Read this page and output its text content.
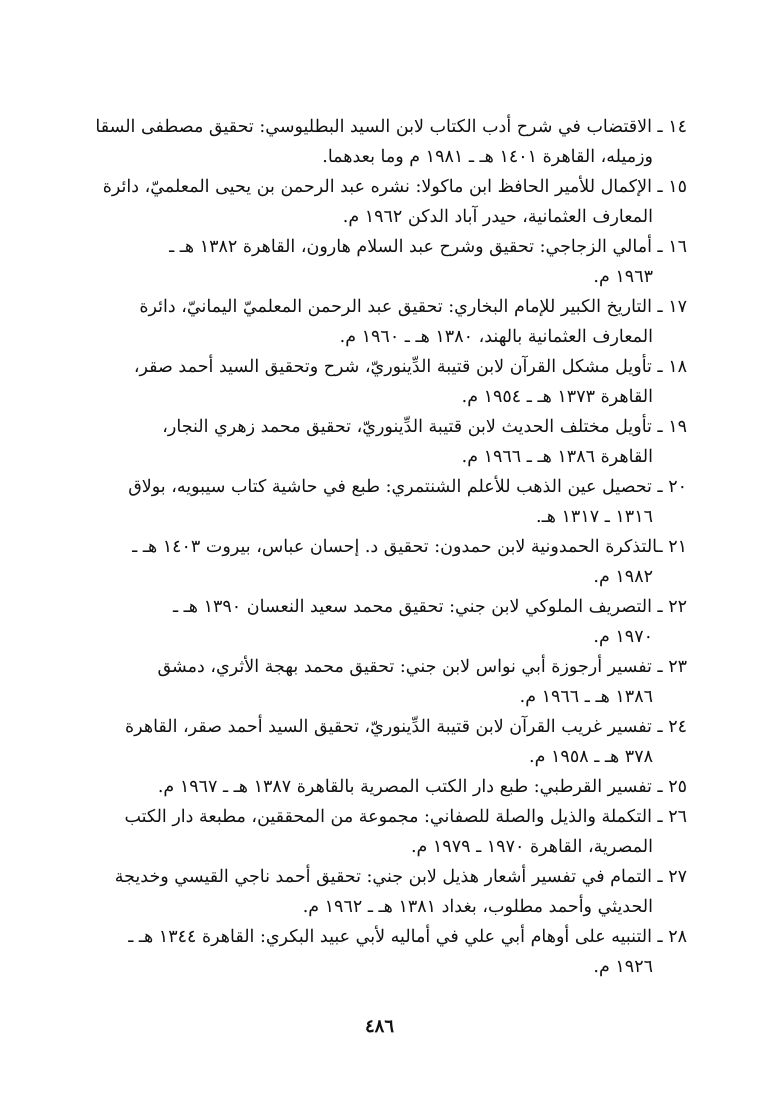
١٤ ـ الاقتضاب في شرح أدب الكتاب لابن السيد البطليوسي: تحقيق مصطفى السقا
وزميله، القاهرة ١٤٠١ هـ ـ ١٩٨١ م وما بعدهما.
١٥ ـ الإكمال للأمير الحافظ ابن ماكولا: نشره عبد الرحمن بن يحيى المعلميّ، دائرة
المعارف العثمانية، حيدر آباد الدكن ١٩٦٢ م.
١٦ ـ أمالي الزجاجي: تحقيق وشرح عبد السلام هارون، القاهرة ١٣٨٢ هـ ـ
١٩٦٣ م.
١٧ ـ التاريخ الكبير للإمام البخاري: تحقيق عبد الرحمن المعلميّ اليمانيّ، دائرة
المعارف العثمانية بالهند، ١٣٨٠ هـ ـ ١٩٦٠ م.
١٨ ـ تأويل مشكل القرآن لابن قتيبة الدِّينوريّ، شرح وتحقيق السيد أحمد صقر،
القاهرة ١٣٧٣ هـ ـ ١٩٥٤ م.
١٩ ـ تأويل مختلف الحديث لابن قتيبة الدِّينوريّ، تحقيق محمد زهري النجار،
القاهرة ١٣٨٦ هـ ـ ١٩٦٦ م.
٢٠ ـ تحصيل عين الذهب للأعلم الشنتمري: طبع في حاشية كتاب سيبويه، بولاق
١٣١٦ ـ ١٣١٧ هـ.
٢١ ـالتذكرة الحمدونية لابن حمدون: تحقيق د. إحسان عباس، بيروت ١٤٠٣ هـ ـ
١٩٨٢ م.
٢٢ ـ التصريف الملوكي لابن جني: تحقيق محمد سعيد النعسان ١٣٩٠ هـ ـ
١٩٧٠ م.
٢٣ ـ تفسير أرجوزة أبي نواس لابن جني: تحقيق محمد بهجة الأثري، دمشق
١٣٨٦ هـ ـ ١٩٦٦ م.
٢٤ ـ تفسير غريب القرآن لابن قتيبة الدِّينوريّ، تحقيق السيد أحمد صقر، القاهرة
٣٧٨ هـ ـ ١٩٥٨ م.
٢٥ ـ تفسير القرطبي: طبع دار الكتب المصرية بالقاهرة ١٣٨٧ هـ ـ ١٩٦٧ م.
٢٦ ـ التكملة والذيل والصلة للصفاني: مجموعة من المحققين، مطبعة دار الكتب
المصرية، القاهرة ١٩٧٠ ـ ١٩٧٩ م.
٢٧ ـ التمام في تفسير أشعار هذيل لابن جني: تحقيق أحمد ناجي القيسي وخديجة
الحديثي وأحمد مطلوب، بغداد ١٣٨١ هـ ـ ١٩٦٢ م.
٢٨ ـ التنبيه على أوهام أبي علي في أماليه لأبي عبيد البكري: القاهرة ١٣٤٤ هـ ـ
١٩٢٦ م.
٤٨٦
